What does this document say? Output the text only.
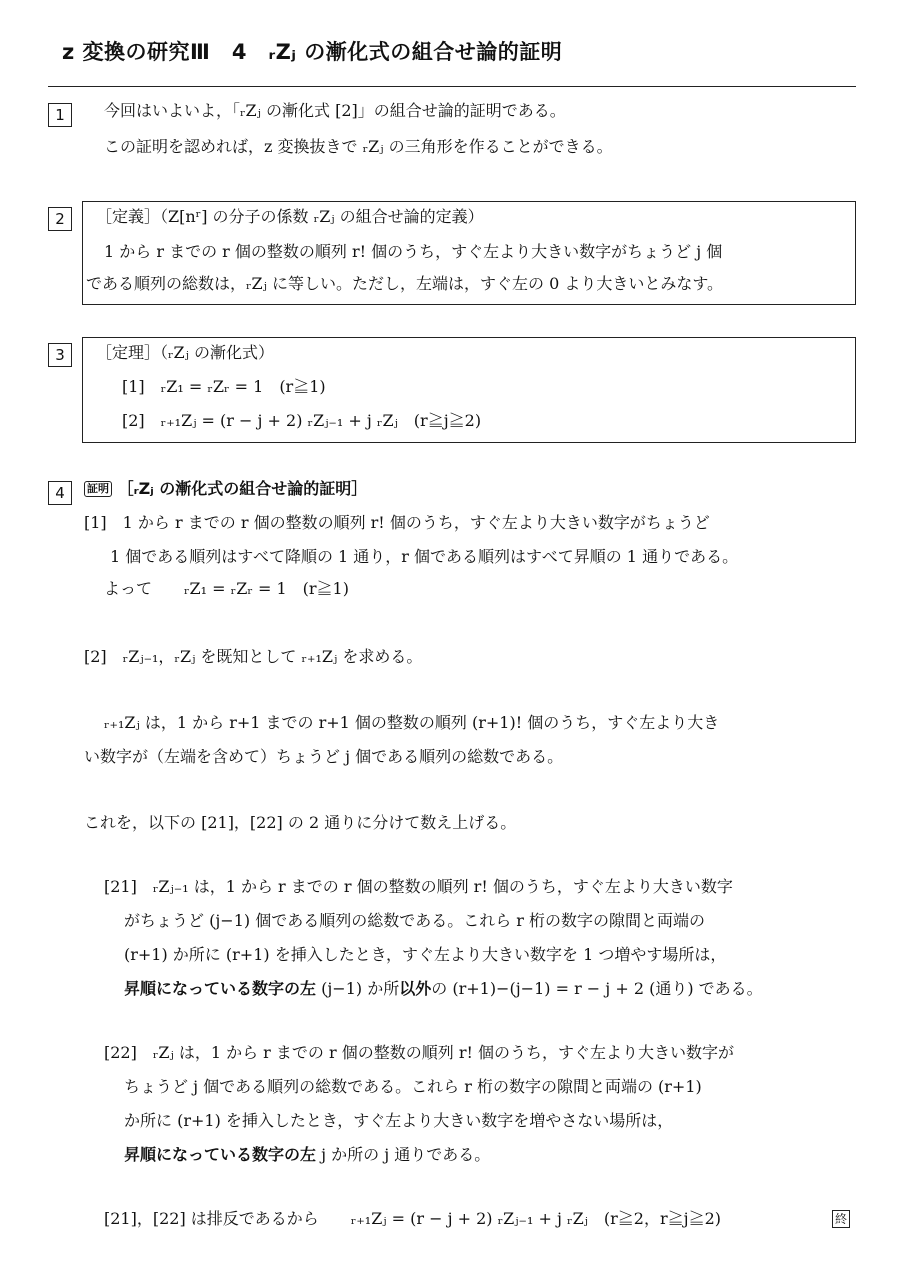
z 変換の研究Ⅲ　4　ᵣZⱼ の漸化式の組合せ論的証明
1	今回はいよいよ，「ᵣZⱼ の漸化式 [2]」の組合せ論的証明である。
この証明を認めれば，z 変換抜きで ᵣZⱼ の三角形を作ることができる。
2	［定義］（Z[nʳ] の分子の係数 ᵣZⱼ の組合せ論的定義）
1 から r までの r 個の整数の順列 r! 個のうち，すぐ左より大きい数字がちょうど j 個
である順列の総数は，ᵣZⱼ に等しい。ただし，左端は，すぐ左の 0 より大きいとみなす。
3	［定理］（ᵣZⱼ の漸化式）
[1]　ᵣZ₁ = ᵣZᵣ = 1　(r≧1)
[2]　ᵣ₊₁Zⱼ = (r − j + 2) ᵣZⱼ₋₁ + j ᵣZⱼ　(r≧j≧2)
4	証明 ［ᵣZⱼ の漸化式の組合せ論的証明］
[1]　1 から r までの r 個の整数の順列 r! 個のうち，すぐ左より大きい数字がちょうど
1 個である順列はすべて降順の 1 通り，r 個である順列はすべて昇順の 1 通りである。
よって　　ᵣZ₁ = ᵣZᵣ = 1　(r≧1)
[2]　ᵣZⱼ₋₁，ᵣZⱼ を既知として ᵣ₊₁Zⱼ を求める。
ᵣ₊₁Zⱼ は，1 から r+1 までの r+1 個の整数の順列 (r+1)! 個のうち，すぐ左より大き
い数字が（左端を含めて）ちょうど j 個である順列の総数である。
これを，以下の [21]，[22] の 2 通りに分けて数え上げる。
[21]　ᵣZⱼ₋₁ は，1 から r までの r 個の整数の順列 r! 個のうち，すぐ左より大きい数字
がちょうど (j−1) 個である順列の総数である。これら r 桁の数字の隙間と両端の
(r+1) か所に (r+1) を挿入したとき，すぐ左より大きい数字を 1 つ増やす場所は，
昇順になっている数字の左 (j−1) か所以外の (r+1)−(j−1) = r − j + 2 (通り) である。
[22]　ᵣZⱼ は，1 から r までの r 個の整数の順列 r! 個のうち，すぐ左より大きい数字が
ちょうど j 個である順列の総数である。これら r 桁の数字の隙間と両端の (r+1)
か所に (r+1) を挿入したとき，すぐ左より大きい数字を増やさない場所は，
昇順になっている数字の左 j か所の j 通りである。
[21]，[22] は排反であるから　　ᵣ₊₁Zⱼ = (r − j + 2) ᵣZⱼ₋₁ + j ᵣZⱼ　(r≧2，r≧j≧2)	終
